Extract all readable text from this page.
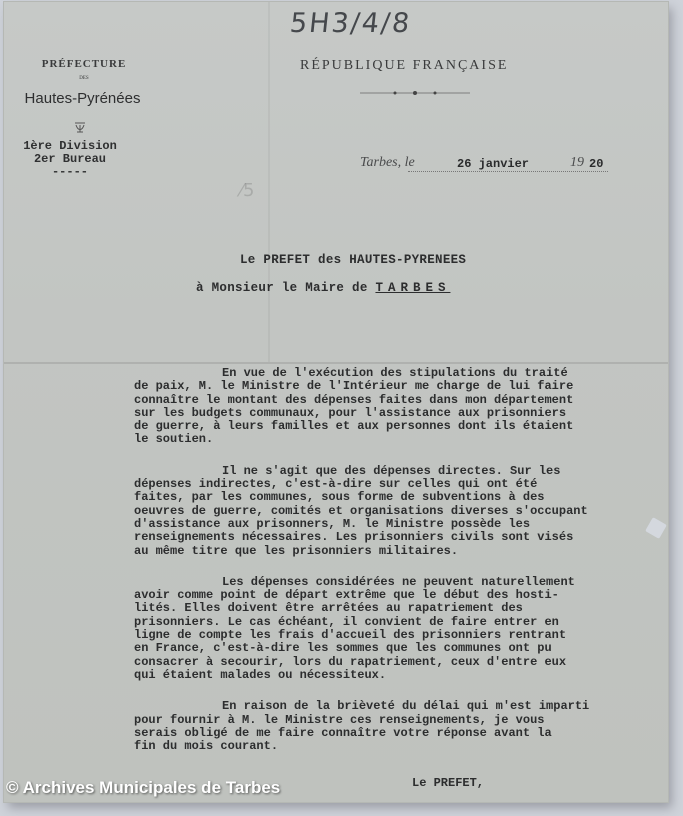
5H3/4/8
PRÉFECTURE
DES
Hautes-Pyrénées
1ère Division
2er Bureau
-----
RÉPUBLIQUE FRANÇAISE
Tarbes, le	26 janvier	19 20
⁄5
Le PREFET des HAUTES-PYRENEES
à Monsieur le Maire de TARBES
En vue de l'exécution des stipulations du traité
de paix, M. le Ministre de l'Intérieur me charge de lui faire
connaître le montant des dépenses faites dans mon département
sur les budgets communaux, pour l'assistance aux prisonniers
de guerre, à leurs familles et aux personnes dont ils étaient
le soutien.
Il ne s'agit que des dépenses directes. Sur les
dépenses indirectes, c'est-à-dire sur celles qui ont été
faites, par les communes, sous forme de subventions à des
oeuvres de guerre, comités et organisations diverses s'occupant
d'assistance aux prisonners, M. le Ministre possède les
renseignements nécessaires. Les prisonniers civils sont visés
au même titre que les prisonniers militaires.
Les dépenses considérées ne peuvent naturellement
avoir comme point de départ extrême que le début des hosti-
lités. Elles doivent être arrêtées au rapatriement des
prisonniers. Le cas échéant, il convient de faire entrer en
ligne de compte les frais d'accueil des prisonniers rentrant
en France, c'est-à-dire les sommes que les communes ont pu
consacrer à secourir, lors du rapatriement, ceux d'entre eux
qui étaient malades ou nécessiteux.
En raison de la brièveté du délai qui m'est imparti
pour fournir à M. le Ministre ces renseignements, je vous
serais obligé de me faire connaître votre réponse avant la
fin du mois courant.
Le PREFET,
© Archives Municipales de Tarbes
